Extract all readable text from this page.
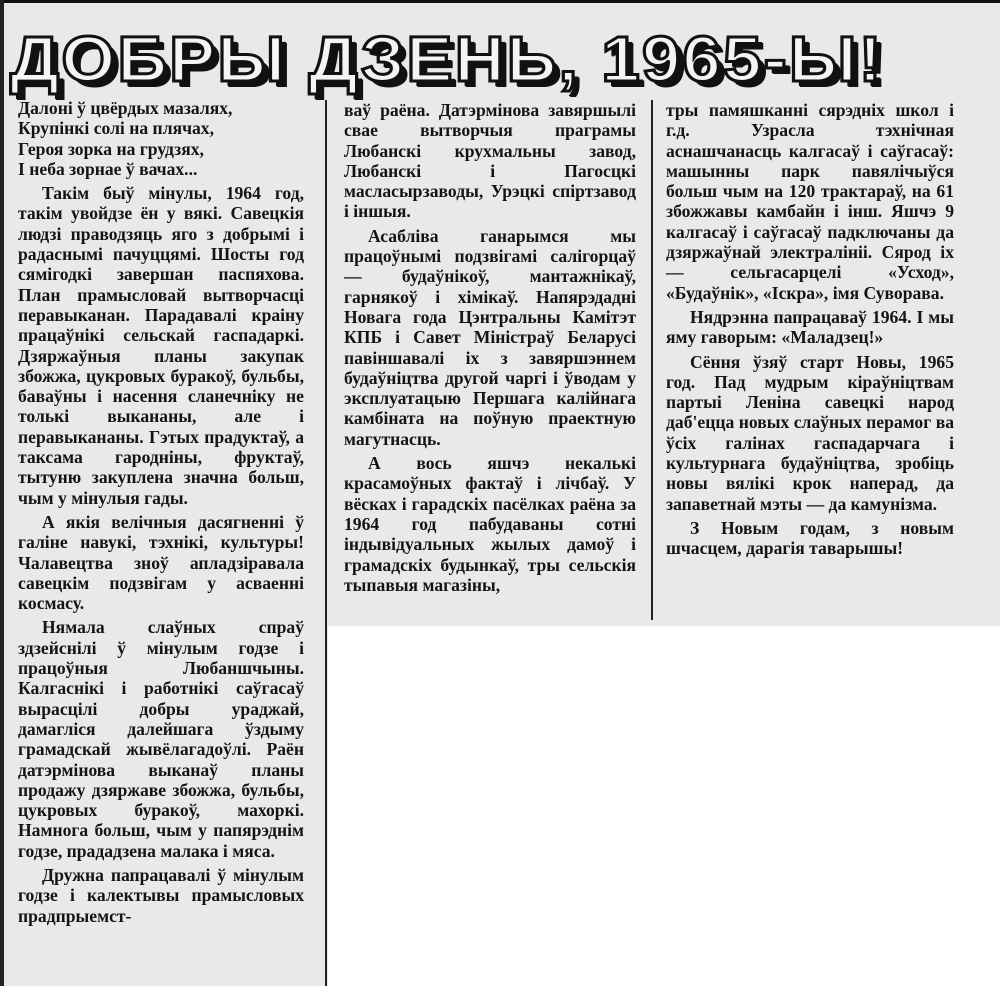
ДОБРЫ ДЗЕНЬ, 1965-Ы!

Далоні ў цвёрдых мазалях,
Крупінкі солі на плячах,
Героя зорка на грудзях,
І неба зорнае ў вачах...

Такім быў мінулы, 1964 год, такім увойдзе ён у вякі. Савецкія людзі праводзяць яго з добрымі і радаснымі пачуццямі. Шосты год сямігодкі завершан паспяхова. План прамысловай вытворчасці перавыканан. Парадавалі краіну працаўнікі сельскай гаспадаркі. Дзяржаўныя планы закупак збожжа, цукровых буракоў, бульбы, баваўны і насення сланечніку не толькі выкананы, але і перавыкананы. Гэтых прадуктаў, а таксама гароднiны, фруктаў, тытуню закуплена значна больш, чым у мінулыя гады.

А якія велічныя дасягненні ў галіне навукі, тэхнікі, культуры! Чалавецтва зноў апладзіравала савецкім подзвігам у асваенні космасу.

Нямала слаўных спраў здзейснілі ў мінулым годзе і працоўныя Любаншчыны. Калгаснікі і работнікі саўгасаў вырасцілі добры ураджай, дамагліся далейшага ўздыму грамадскай жывёлагадоўлі. Раён датэрмінова выканаў планы продажу дзяржаве збожжа, бульбы, цукровых буракоў, махоркі. Намнога больш, чым у папярэднім годзе, прададзена малака і мяса.

Дружна папрацавалі ў мінулым годзе і калектывы прамысловых прадпрыемст-

ваў раёна. Датэрмінова завяршылі свае вытворчыя праграмы Любанскі крухмальны завод, Любанскі і Пагосцкі масласырзаводы, Урэцкі спіртзавод і іншыя.

Асабліва ганарымся мы працоўнымі подзвігамі салігорцаў — будаўнікоў, мантажнікаў, гарнякоў і хімікаў. Напярэдадні Новага года Цэнтральны Камітэт КПБ і Савет Міністраў Беларусі павіншавалі іх з завяршэннем будаўніцтва другой чаргі і ўводам у эксплуатацыю Першага калійнага камбіната на поўную праектную магутнасць.

А вось яшчэ некалькі красамоўных фактаў і лічбаў. У вёсках і гарадскіх пасёлках раёна за 1964 год пабудаваны сотні індывідуальных жылых дамоў і грамадскіх будынкаў, тры сельскія тыпавыя магазіны,

тры памяшканні сярэдніх школ і г.д. Узрасла тэхнічная аснашчанасць калгасаў і саўгасаў: машынны парк павялічыўся больш чым на 120 трактараў, на 61 збожжавы камбайн і інш. Яшчэ 9 калгасаў і саўгасаў падключаны да дзяржаўнай электралініі. Сярод іх — сельгасарцелі «Усход», «Будаўнік», «Іскра», імя Суворава.

Нядрэнна папрацаваў 1964. І мы яму гаворым: «Маладзец!»

Сёння ўзяў старт Новы, 1965 год. Пад мудрым кіраўніцтвам партыі Леніна савецкі народ даб'ецца новых слаўных перамог ва ўсіх галінах гаспадарчага і культурнага будаўніцтва, зробіць новы вялікі крок наперад, да запаветнай мэты — да камунізма.

З Новым годам, з новым шчасцем, дарагія таварышы!
